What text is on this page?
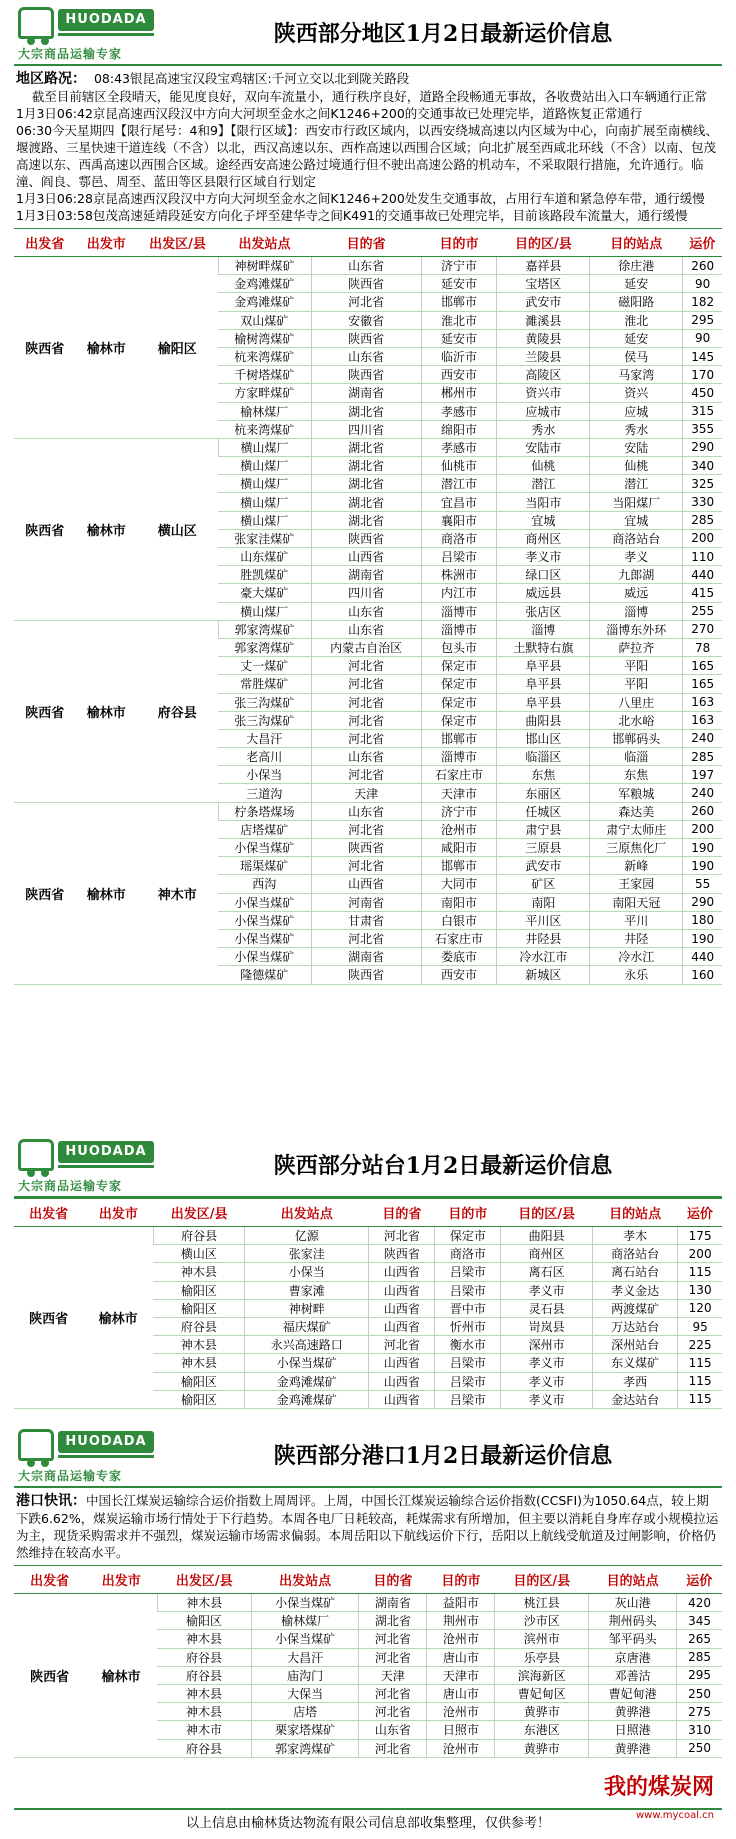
HUODADA
大宗商品运输专家
陕西部分地区1月2日最新运价信息

地区路况： 08:43银昆高速宝汉段宝鸡辖区:千河立交以北到陇关路段

截至目前辖区全段晴天，能见度良好，双向车流量小，通行秩序良好，道路全段畅通无事故，各收费站出入口车辆通行正常

1月3日06:42京昆高速西汉段汉中方向大河坝至金水之间K1246+200的交通事故已处理完毕，道路恢复正常通行

06:30今天星期四【限行尾号：4和9】【限行区域】：西安市行政区域内，以西安绕城高速以内区域为中心，向南扩展至南横线、堰渡路、三星快速干道连线（不含）以北，西汉高速以东、西柞高速以西围合区域；向北扩展至西咸北环线（不含）以南、包茂高速以东、西禹高速以西围合区域。途经西安高速公路过境通行但不驶出高速公路的机动车，不采取限行措施，允许通行。临潼、阎良、鄠邑、周至、蓝田等区县限行区域自行划定

1月3日06:28京昆高速西汉段汉中方向大河坝至金水之间K1246+200处发生交通事故，占用行车道和紧急停车带，通行缓慢

1月3日03:58包茂高速延靖段延安方向化子坪至建华寺之间K491的交通事故已处理完毕，目前该路段车流量大，通行缓慢

出发省	出发市	出发区/县	出发站点	目的省	目的市	目的区/县	目的站点	运价
陕西省	榆林市	榆阳区	神树畔煤矿	山东省	济宁市	嘉祥县	徐庄港	260
			金鸡滩煤矿	陕西省	延安市	宝塔区	延安	90
			金鸡滩煤矿	河北省	邯郸市	武安市	磁阳路	182
			双山煤矿	安徽省	淮北市	濉溪县	淮北	295
			榆树湾煤矿	陕西省	延安市	黄陵县	延安	90
			杭来湾煤矿	山东省	临沂市	兰陵县	侯马	145
			千树塔煤矿	陕西省	西安市	高陵区	马家湾	170
			方家畔煤矿	湖南省	郴州市	资兴市	资兴	450
			榆林煤厂	湖北省	孝感市	应城市	应城	315
			杭来湾煤矿	四川省	绵阳市	秀水	秀水	355
陕西省	榆林市	横山区	横山煤厂	湖北省	孝感市	安陆市	安陆	290
			横山煤厂	湖北省	仙桃市	仙桃	仙桃	340
			横山煤厂	湖北省	潜江市	潜江	潜江	325
			横山煤厂	湖北省	宜昌市	当阳市	当阳煤厂	330
			横山煤厂	湖北省	襄阳市	宜城	宜城	285
			张家洼煤矿	陕西省	商洛市	商州区	商洛站台	200
			山东煤矿	山西省	吕梁市	孝义市	孝义	110
			胜凯煤矿	湖南省	株洲市	绿口区	九郎湖	440
			豪大煤矿	四川省	内江市	威远县	威远	415
			横山煤厂	山东省	淄博市	张店区	淄博	255
陕西省	榆林市	府谷县	郭家湾煤矿	山东省	淄博市	淄博	淄博东外环	270
			郭家湾煤矿	内蒙古自治区	包头市	土默特右旗	萨拉齐	78
			丈一煤矿	河北省	保定市	阜平县	平阳	165
			常胜煤矿	河北省	保定市	阜平县	平阳	165
			张三沟煤矿	河北省	保定市	阜平县	八里庄	163
			张三沟煤矿	河北省	保定市	曲阳县	北水峪	163
			大昌汗	河北省	邯郸市	邯山区	邯郸码头	240
			老高川	山东省	淄博市	临淄区	临淄	285
			小保当	河北省	石家庄市	东焦	东焦	197
			三道沟	天津	天津市	东丽区	军粮城	240
陕西省	榆林市	神木市	柠条塔煤场	山东省	济宁市	任城区	森达美	260
			店塔煤矿	河北省	沧州市	肃宁县	肃宁太师庄	200
			小保当煤矿	陕西省	咸阳市	三原县	三原焦化厂	190
			瑶渠煤矿	河北省	邯郸市	武安市	新峰	190
			西沟	山西省	大同市	矿区	王家园	55
			小保当煤矿	河南省	南阳市	南阳	南阳天冠	290
			小保当煤矿	甘肃省	白银市	平川区	平川	180
			小保当煤矿	河北省	石家庄市	井陉县	井陉	190
			小保当煤矿	湖南省	娄底市	冷水江市	冷水江	440
			隆德煤矿	陕西省	西安市	新城区	永乐	160
HUODADA
大宗商品运输专家
陕西部分站台1月2日最新运价信息
出发省	出发市	出发区/县	出发站点	目的省	目的市	目的区/县	目的站点	运价
陕西省	榆林市	府谷县	亿源	河北省	保定市	曲阳县	孝木	175
		横山区	张家洼	陕西省	商洛市	商州区	商洛站台	200
		神木县	小保当	山西省	吕梁市	离石区	离石站台	115
		榆阳区	曹家滩	山西省	吕梁市	孝义市	孝义金达	130
		榆阳区	神树畔	山西省	晋中市	灵石县	两渡煤矿	120
		府谷县	福庆煤矿	山西省	忻州市	岢岚县	万达站台	95
		神木县	永兴高速路口	河北省	衡水市	深州市	深州站台	225
		神木县	小保当煤矿	山西省	吕梁市	孝义市	东义煤矿	115
		榆阳区	金鸡滩煤矿	山西省	吕梁市	孝义市	孝西	115
		榆阳区	金鸡滩煤矿	山西省	吕梁市	孝义市	金达站台	115
HUODADA
大宗商品运输专家
陕西部分港口1月2日最新运价信息

港口快讯：中国长江煤炭运输综合运价指数上周周评。上周，中国长江煤炭运输综合运价指数(CCSFI)为1050.64点，较上期下跌6.62%，煤炭运输市场行情处于下行趋势。本周各电厂日耗较高，耗煤需求有所增加，但主要以消耗自身库存或小规模拉运为主，现货采购需求并不强烈，煤炭运输市场需求偏弱。本周岳阳以下航线运价下行，岳阳以上航线受航道及过闸影响，价格仍然维持在较高水平。

出发省	出发市	出发区/县	出发站点	目的省	目的市	目的区/县	目的站点	运价
陕西省	榆林市	神木县	小保当煤矿	湖南省	益阳市	桃江县	灰山港	420
		榆阳区	榆林煤厂	湖北省	荆州市	沙市区	荆州码头	345
		神木县	小保当煤矿	河北省	沧州市	滨州市	邹平码头	265
		府谷县	大昌汗	河北省	唐山市	乐亭县	京唐港	285
		府谷县	庙沟门	天津	天津市	滨海新区	邓善沽	295
		神木县	大保当	河北省	唐山市	曹妃甸区	曹妃甸港	250
		神木县	店塔	河北省	沧州市	黄骅市	黄骅港	275
		神木市	栗家塔煤矿	山东省	日照市	东港区	日照港	310
		府谷县	郭家湾煤矿	河北省	沧州市	黄骅市	黄骅港	250
我的煤炭网
www.mycoal.cn
以上信息由榆林货达物流有限公司信息部收集整理，仅供参考！
